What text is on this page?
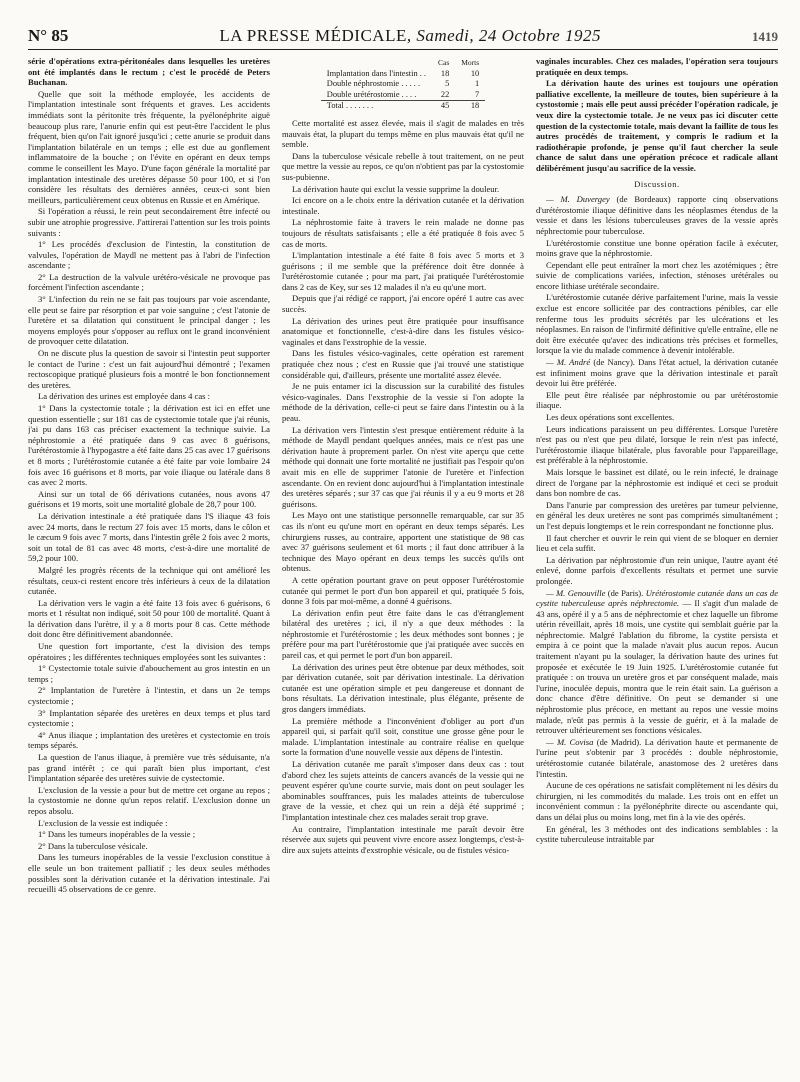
N° 85	LA PRESSE MÉDICALE, Samedi, 24 Octobre 1925	1419

série d'opérations extra-péritonéales dans lesquelles les uretères ont été implantés dans le rectum ; c'est le procédé de Peters Buchanan.

Quelle que soit la méthode employée, les accidents de l'implantation intestinale sont fréquents et graves. Les accidents immédiats sont la péritonite très fréquente, la pyélonéphrite aiguë beaucoup plus rare, l'anurie enfin qui est peut-être l'accident le plus fréquent, bien qu'on l'ait ignoré jusqu'ici ; cette anurie se produit dans l'implantation bilatérale en un temps ; elle est due au gonflement inflammatoire de la bouche ; on l'évite en opérant en deux temps comme le conseillent les Mayo. D'une façon générale la mortalité par implantation intestinale des uretères dépasse 50 pour 100, et si l'on considère les résultats des dernières années, ceux-ci sont bien meilleurs, particulièrement ceux obtenus en Russie et en Amérique.

Si l'opération a réussi, le rein peut secondairement être infecté ou subir une atrophie progressive. J'attirerai l'attention sur les trois points suivants :

1° Les procédés d'exclusion de l'intestin, la constitution de valvules, l'opération de Maydl ne mettent pas à l'abri de l'infection ascendante ;

2° La destruction de la valvule urétéro-vésicale ne provoque pas forcément l'infection ascendante ;

3° L'infection du rein ne se fait pas toujours par voie ascendante, elle peut se faire par résorption et par voie sanguine ; c'est l'atonie de l'uretère et sa dilatation qui constituent le principal danger ; les moyens employés pour s'opposer au reflux ont le grand inconvénient de provoquer cette dilatation.

On ne discute plus la question de savoir si l'intestin peut supporter le contact de l'urine : c'est un fait aujourd'hui démontré ; l'examen rectoscopique pratiqué plusieurs fois a montré le bon fonctionnement des uretères.

La dérivation des urines est employée dans 4 cas :

1° Dans la cystectomie totale ; la dérivation est ici en effet une question essentielle ; sur 181 cas de cystectomie totale que j'ai réunis, j'ai pu dans 163 cas préciser exactement la technique suivie. La néphrostomie a été pratiquée dans 9 cas avec 8 guérisons, l'urétérostomie à l'hypogastre a été faite dans 25 cas avec 17 guérisons et 8 morts ; l'urétérostomie cutanée a été faite par voie lombaire 24 fois avec 16 guérisons et 8 morts, par voie iliaque ou latérale dans 8 cas avec 2 morts.

Ainsi sur un total de 66 dérivations cutanées, nous avons 47 guérisons et 19 morts, soit une mortalité globale de 28,7 pour 100.

La dérivation intestinale a été pratiquée dans l'S iliaque 43 fois avec 24 morts, dans le rectum 27 fois avec 15 morts, dans le côlon et le cæcum 9 fois avec 7 morts, dans l'intestin grêle 2 fois avec 2 morts, soit un total de 81 cas avec 48 morts, c'est-à-dire une mortalité de 59,2 pour 100.

Malgré les progrès récents de la technique qui ont amélioré les résultats, ceux-ci restent encore très inférieurs à ceux de la dilatation cutanée.

La dérivation vers le vagin a été faite 13 fois avec 6 guérisons, 6 morts et 1 résultat non indiqué, soit 50 pour 100 de mortalité. Quant à la dérivation dans l'urètre, il y a 8 morts pour 8 cas. Cette méthode doit donc être définitivement abandonnée.

Une question fort importante, c'est la division des temps opératoires ; les différentes techniques employées sont les suivantes :

1° Cystectomie totale suivie d'abouchement au gros intestin en un temps ;

2° Implantation de l'uretère à l'intestin, et dans un 2e temps cystectomie ;

3° Implantation séparée des uretères en deux temps et plus tard cystectomie ;

4° Anus iliaque ; implantation des uretères et cystectomie en trois temps séparés.

La question de l'anus iliaque, à première vue très séduisante, n'a pas grand intérêt ; ce qui paraît bien plus important, c'est l'implantation séparée des uretères suivie de cystectomie.

L'exclusion de la vessie a pour but de mettre cet organe au repos ; la cystostomie ne donne qu'un repos relatif. L'exclusion donne un repos absolu.

L'exclusion de la vessie est indiquée :

1° Dans les tumeurs inopérables de la vessie ;

2° Dans la tuberculose vésicale.

Dans les tumeurs inopérables de la vessie l'exclusion constitue à elle seule un bon traitement palliatif ; les deux seules méthodes possibles sont la dérivation cutanée et la dérivation intestinale. J'ai recueilli 45 observations de ce genre.

	Cas	Morts
Implantation dans l'intestin . .	18	10
Double néphrostomie . . . . .	5	1
Double urétérostomie . . . .	22	7
Total . . . . . . .	45	18

Cette mortalité est assez élevée, mais il s'agit de malades en très mauvais état, la plupart du temps même en plus mauvais état qu'il ne semble.

Dans la tuberculose vésicale rebelle à tout traitement, on ne peut que mettre la vessie au repos, ce qu'on n'obtient pas par la cystostomie sus-pubienne.

La dérivation haute qui exclut la vessie supprime la douleur.

Ici encore on a le choix entre la dérivation cutanée et la dérivation intestinale.

La néphrostomie faite à travers le rein malade ne donne pas toujours de résultats satisfaisants ; elle a été pratiquée 8 fois avec 5 cas de morts.

L'implantation intestinale a été faite 8 fois avec 5 morts et 3 guérisons ; il me semble que la préférence doit être donnée à l'urétérostomie cutanée ; pour ma part, j'ai pratiquée l'urétérostomie dans 2 cas de Key, sur ses 12 malades il n'a eu qu'une mort.

Depuis que j'ai rédigé ce rapport, j'ai encore opéré 1 autre cas avec succès.

La dérivation des urines peut être pratiquée pour insuffisance anatomique et fonctionnelle, c'est-à-dire dans les fistules vésico-vaginales et dans l'exstrophie de la vessie.

Dans les fistules vésico-vaginales, cette opération est rarement pratiquée chez nous ; c'est en Russie que j'ai trouvé une statistique considérable qui, d'ailleurs, présente une mortalité assez élevée.

Je ne puis entamer ici la discussion sur la curabilité des fistules vésico-vaginales. Dans l'exstrophie de la vessie si l'on adopte la méthode de la dérivation, celle-ci peut se faire dans l'intestin ou à la peau.

La dérivation vers l'intestin s'est presque entièrement réduite à la méthode de Maydl pendant quelques années, mais ce n'est pas une dérivation haute à proprement parler. On n'est vite aperçu que cette méthode qui donnait une forte mortalité ne justifiait pas l'espoir qu'on avait mis en elle de supprimer l'atonie de l'uretère et l'infection ascendante. On en revient donc aujourd'hui à l'implantation intestinale des uretères séparés ; sur 37 cas que j'ai réunis il y a eu 9 morts et 28 guérisons.

Les Mayo ont une statistique personnelle remarquable, car sur 35 cas ils n'ont eu qu'une mort en opérant en deux temps séparés. Les chirurgiens russes, au contraire, apportent une statistique de 98 cas avec 37 guérisons seulement et 61 morts ; il faut donc attribuer à la technique des Mayo opérant en deux temps les succès qu'ils ont obtenus.

A cette opération pourtant grave on peut opposer l'urétérostomie cutanée qui permet le port d'un bon appareil et qui, pratiquée 5 fois, donne 3 fois par moi-même, a donné 4 guérisons.

La dérivation enfin peut être faite dans le cas d'étranglement bilatéral des uretères ; ici, il n'y a que deux méthodes : la néphrostomie et l'urétérostomie ; les deux méthodes sont bonnes ; je préfère pour ma part l'urétérostomie que j'ai pratiquée avec succès en pareil cas, et qui permet le port d'un bon appareil.

La dérivation des urines peut être obtenue par deux méthodes, soit par dérivation cutanée, soit par dérivation intestinale. La dérivation cutanée est une opération simple et peu dangereuse et donnant de bons résultats. La dérivation intestinale, plus élégante, présente de gros dangers immédiats.

La première méthode a l'inconvénient d'obliger au port d'un appareil qui, si parfait qu'il soit, constitue une grosse gêne pour le malade. L'implantation intestinale au contraire réalise en quelque sorte la formation d'une nouvelle vessie aux dépens de l'intestin.

La dérivation cutanée me paraît s'imposer dans deux cas : tout d'abord chez les sujets atteints de cancers avancés de la vessie qui ne peuvent espérer qu'une courte survie, mais dont on peut soulager les abominables souffrances, puis les malades atteints de tuberculose grave de la vessie, et chez qui un rein a déjà été supprimé ; l'implantation intestinale chez ces malades serait trop grave.

Au contraire, l'implantation intestinale me paraît devoir être réservée aux sujets qui peuvent vivre encore assez longtemps, c'est-à-dire aux sujets atteints d'exstrophie vésicale, ou de fistules vésico-

vaginales incurables. Chez ces malades, l'opération sera toujours pratiquée en deux temps.

La dérivation haute des urines est toujours une opération palliative excellente, la meilleure de toutes, bien supérieure à la cystostomie ; mais elle peut aussi précéder l'opération radicale, je veux dire la cystectomie totale. Je ne veux pas ici discuter cette question de la cystectomie totale, mais devant la faillite de tous les autres procédés de traitement, y compris le radium et la radiothérapie profonde, je pense qu'il faut chercher la seule chance de salut dans une opération précoce et radicale allant délibérément jusqu'au sacrifice de la vessie.

Discussion.

— M. Duvergey (de Bordeaux) rapporte cinq observations d'urétérostomie iliaque définitive dans les néoplasmes étendus de la vessie et dans les lésions tuberculeuses graves de la vessie après néphrectomie pour tuberculose.

L'urétérostomie constitue une bonne opération facile à exécuter, moins grave que la néphrostomie.

Cependant elle peut entraîner la mort chez les azotémiques ; être suivie de complications variées, infection, sténoses urétérales ou encore lithiase urétérale secondaire.

L'urétérostomie cutanée dérive parfaitement l'urine, mais la vessie exclue est encore sollicitée par des contractions pénibles, car elle renferme tous les produits sécrétés par les ulcérations et les néoplasmes. En raison de l'infirmité définitive qu'elle entraîne, elle ne doit être exécutée qu'avec des indications très précises et formelles, lorsque la vie du malade commence à devenir intolérable.

— M. André (de Nancy). Dans l'état actuel, la dérivation cutanée est infiniment moins grave que la dérivation intestinale et paraît devoir lui être préférée.

Elle peut être réalisée par néphrostomie ou par urétérostomie iliaque.

Les deux opérations sont excellentes.

Leurs indications paraissent un peu différentes. Lorsque l'uretère n'est pas ou n'est que peu dilaté, lorsque le rein n'est pas infecté, l'urétérostomie iliaque bilatérale, plus favorable pour l'appareillage, est préférable à la néphrostomie.

Mais lorsque le bassinet est dilaté, ou le rein infecté, le drainage direct de l'organe par la néphrostomie est indiqué et ceci se produit dans bon nombre de cas.

Dans l'anurie par compression des uretères par tumeur pelvienne, en général les deux uretères ne sont pas comprimés simultanément ; un l'est depuis longtemps et le rein correspondant ne fonctionne plus.

Il faut chercher et ouvrir le rein qui vient de se bloquer en dernier lieu et cela suffit.

La dérivation par néphrostomie d'un rein unique, l'autre ayant été enlevé, donne parfois d'excellents résultats et permet une survie prolongée.

— M. Genouville (de Paris). Urétérostomie cutanée dans un cas de cystite tuberculeuse après néphrectomie. — Il s'agit d'un malade de 43 ans, opéré il y a 5 ans de néphrectomie et chez laquelle un fibrome utérin réveillait, après 18 mois, une cystite qui semblait guérie par la néphrectomie. Malgré l'ablation du fibrome, la cystite persista et empira à ce point que la malade n'avait plus aucun repos. Aucun traitement n'ayant pu la soulager, la dérivation haute des urines fut proposée et exécutée le 19 Juin 1925. L'urétérostomie cutanée fut pratiquée : on trouva un uretère gros et par conséquent malade, mais l'urine, inoculée depuis, montra que le rein était sain. La guérison a donc chance d'être définitive. On peut se demander si une néphrostomie plus précoce, en mettant au repos une vessie moins malade, n'eût pas permis à la vessie de guérir, et à la malade de retrouver ultérieurement ses fonctions vésicales.

— M. Covisa (de Madrid). La dérivation haute et permanente de l'urine peut s'obtenir par 3 procédés : double néphrostomie, urétérostomie cutanée bilatérale, anastomose des 2 uretères dans l'intestin.

Aucune de ces opérations ne satisfait complètement ni les désirs du chirurgien, ni les commodités du malade. Les trois ont en effet un inconvénient commun : la pyélonéphrite directe ou ascendante qui, dans un délai plus ou moins long, met fin à la vie des opérés.

En général, les 3 méthodes ont des indications semblables : la cystite tuberculeuse intraitable par
